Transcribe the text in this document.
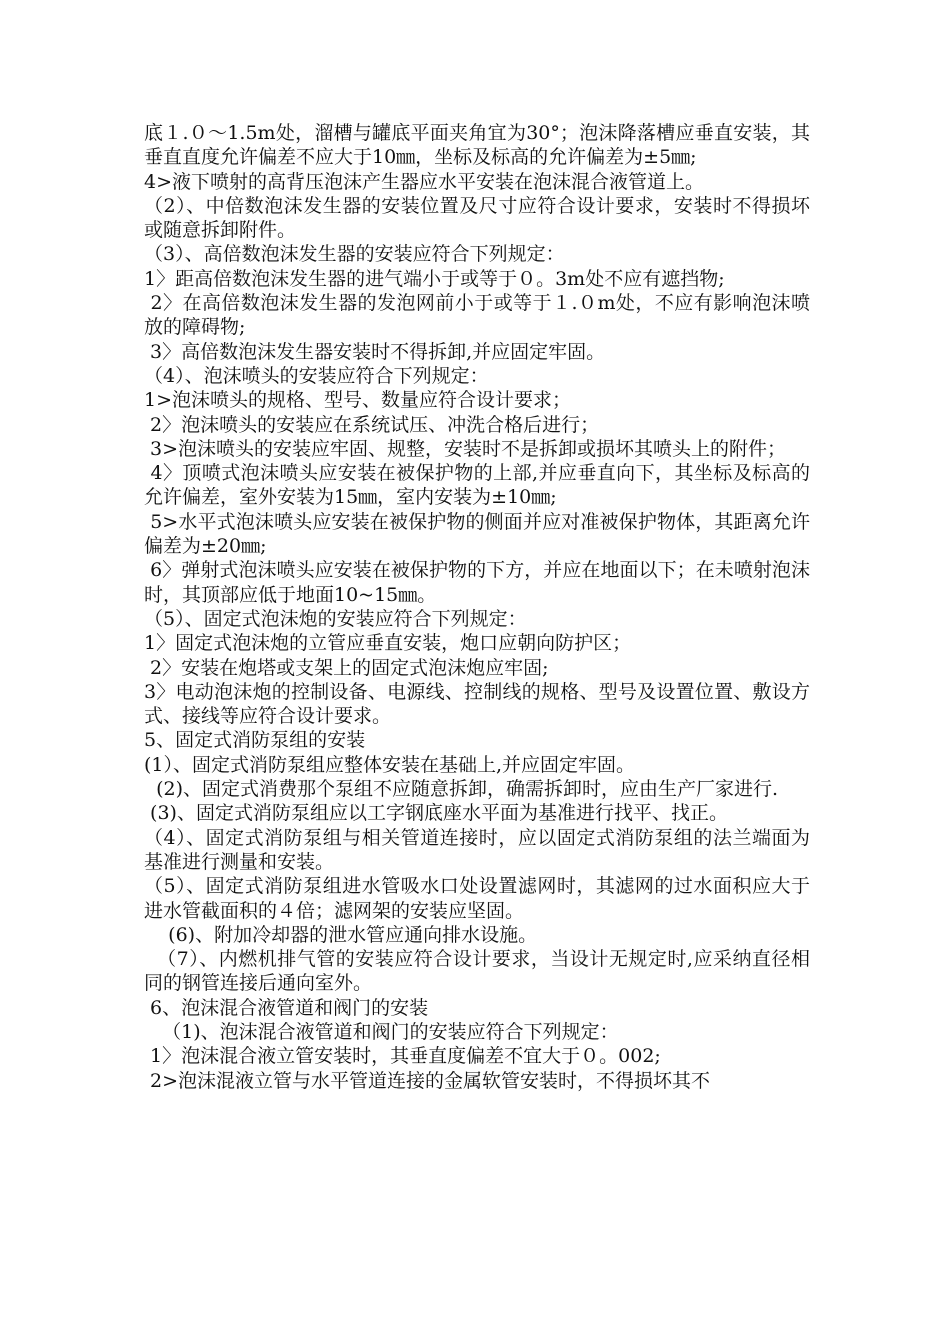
底１.０～1.5m处，溜槽与罐底平面夹角宜为30°；泡沫降落槽应垂直安装，其垂直直度允许偏差不应大于10㎜，坐标及标高的允许偏差为±5㎜;

4>液下喷射的高背压泡沫产生器应水平安装在泡沫混合液管道上。

（2）、中倍数泡沫发生器的安装位置及尺寸应符合设计要求，安装时不得损坏或随意拆卸附件。

（3）、高倍数泡沫发生器的安装应符合下列规定：

1〉距高倍数泡沫发生器的进气端小于或等于０。3m处不应有遮挡物;

2〉在高倍数泡沫发生器的发泡网前小于或等于１.０m处，不应有影响泡沫喷放的障碍物;

3〉高倍数泡沫发生器安装时不得拆卸,并应固定牢固。

（4）、泡沫喷头的安装应符合下列规定：

1>泡沫喷头的规格、型号、数量应符合设计要求；

2〉泡沫喷头的安装应在系统试压、冲洗合格后进行；

3>泡沫喷头的安装应牢固、规整，安装时不是拆卸或损坏其喷头上的附件；

4〉顶喷式泡沫喷头应安装在被保护物的上部,并应垂直向下，其坐标及标高的允许偏差，室外安装为15㎜，室内安装为±10㎜;

5>水平式泡沫喷头应安装在被保护物的侧面并应对准被保护物体，其距离允许偏差为±20㎜;

6〉弹射式泡沫喷头应安装在被保护物的下方，并应在地面以下；在未喷射泡沫时，其顶部应低于地面10~15㎜。

（5）、固定式泡沫炮的安装应符合下列规定：

1〉固定式泡沫炮的立管应垂直安装，炮口应朝向防护区；

2〉安装在炮塔或支架上的固定式泡沫炮应牢固;

3〉电动泡沫炮的控制设备、电源线、控制线的规格、型号及设置位置、敷设方式、接线等应符合设计要求。

5、固定式消防泵组的安装

(1）、固定式消防泵组应整体安装在基础上,并应固定牢固。

(2)、固定式消费那个泵组不应随意拆卸，确需拆卸时，应由生产厂家进行.

(3)、固定式消防泵组应以工字钢底座水平面为基准进行找平、找正。

（4）、固定式消防泵组与相关管道连接时，应以固定式消防泵组的法兰端面为基准进行测量和安装。

（5）、固定式消防泵组进水管吸水口处设置滤网时，其滤网的过水面积应大于进水管截面积的４倍；滤网架的安装应坚固。

(6)、附加冷却器的泄水管应通向排水设施。

（7）、内燃机排气管的安装应符合设计要求，当设计无规定时,应采纳直径相同的钢管连接后通向室外。

6、泡沫混合液管道和阀门的安装

（1)、泡沫混合液管道和阀门的安装应符合下列规定：

1〉泡沫混合液立管安装时，其垂直度偏差不宜大于０。002;

2>泡沫混液立管与水平管道连接的金属软管安装时，不得损坏其不
